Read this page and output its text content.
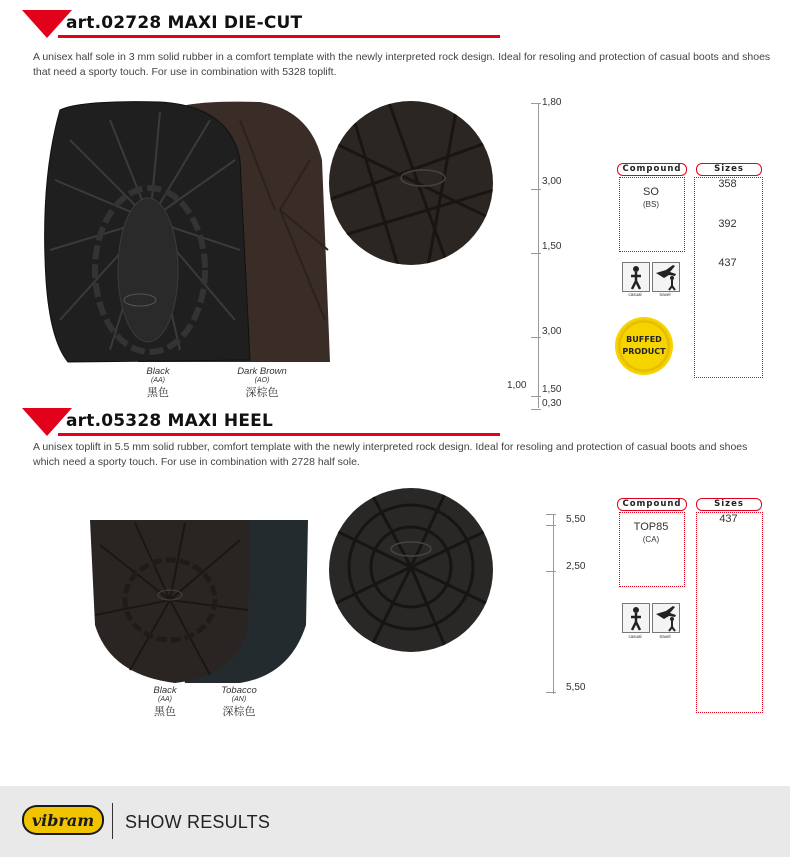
art.02728 MAXI DIE-CUT
A unisex half sole in 3 mm solid rubber in a comfort template with the newly interpreted rock design. Ideal for resoling and protection of casual boots and shoes that need a sporty touch. For use in combination with 5328 toplift.
Black
(AA)
黑色
Dark Brown
(AO)
深棕色
1,80
3,00
1,50
3,00
1,50
0,30
1,00
Compound	Sizes
SO
(BS)
358
392
437
casual	travel
BUFFED
PRODUCT
art.05328 MAXI HEEL
A unisex toplift in 5.5 mm solid rubber, comfort template with the newly interpreted rock design. Ideal for resoling and protection of casual boots and shoes which need a sporty touch. For use in combination with 2728 half sole.
Black
(AA)
黑色
Tobacco
(AN)
深棕色
5,50
2,50
5,50
Compound	Sizes
TOP85
(CA)
437
casual	travel
vibram	SHOW RESULTS
